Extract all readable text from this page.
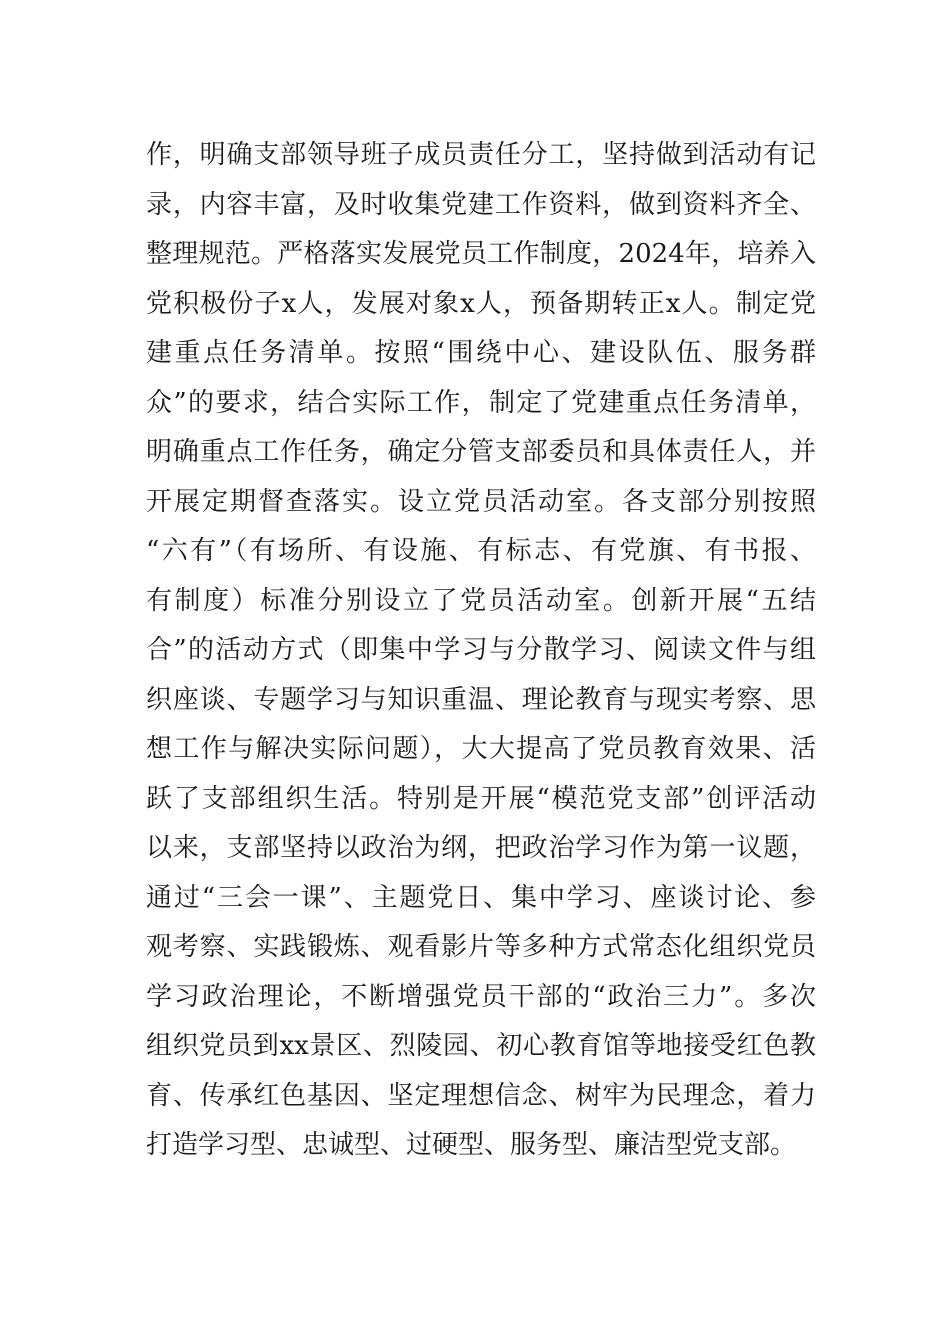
作，明确支部领导班子成员责任分工，坚持做到活动有记
录，内容丰富，及时收集党建工作资料，做到资料齐全、
整理规范。严格落实发展党员工作制度，2024年，培养入
党积极份子x人，发展对象x人，预备期转正x人。制定党
建重点任务清单。按照“围绕中心、建设队伍、服务群
众”的要求，结合实际工作，制定了党建重点任务清单，
明确重点工作任务，确定分管支部委员和具体责任人，并
开展定期督查落实。设立党员活动室。各支部分别按照
“六有”（有场所、有设施、有标志、有党旗、有书报、
有制度）标准分别设立了党员活动室。创新开展“五结
合”的活动方式（即集中学习与分散学习、阅读文件与组
织座谈、专题学习与知识重温、理论教育与现实考察、思
想工作与解决实际问题），大大提高了党员教育效果、活
跃了支部组织生活。特别是开展“模范党支部”创评活动
以来，支部坚持以政治为纲，把政治学习作为第一议题，
通过“三会一课”、主题党日、集中学习、座谈讨论、参
观考察、实践锻炼、观看影片等多种方式常态化组织党员
学习政治理论，不断增强党员干部的“政治三力”。多次
组织党员到xx景区、烈陵园、初心教育馆等地接受红色教
育、传承红色基因、坚定理想信念、树牢为民理念，着力
打造学习型、忠诚型、过硬型、服务型、廉洁型党支部。
